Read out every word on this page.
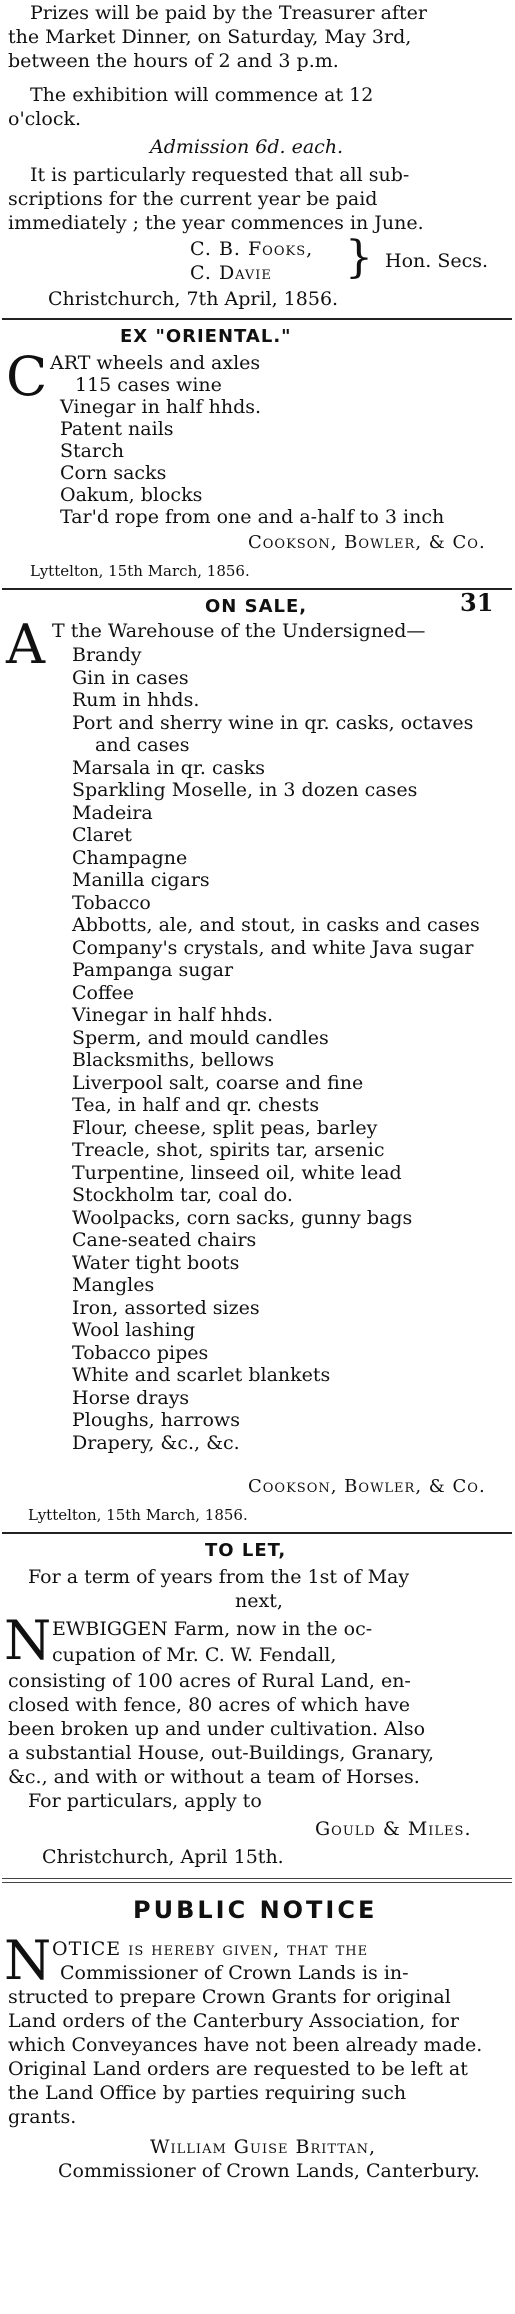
Prizes will be paid by the Treasurer after
the Market Dinner, on Saturday, May 3rd,
between the hours of 2 and 3 p.m.
The exhibition will commence at 12
o'clock.
Admission 6d. each.
It is particularly requested that all sub-
scriptions for the current year be paid
immediately ; the year commences in June.
C. B. Fooks,
C. Davie } Hon. Secs.
Christchurch, 7th April, 1856.
EX "ORIENTAL."
C ART wheels and axles
115 cases wine
Vinegar in half hhds.
Patent nails
Starch
Corn sacks
Oakum, blocks
Tar'd rope from one and a-half to 3 inch
Cookson, Bowler, & Co.
Lyttelton, 15th March, 1856.
ON SALE,	31
A T the Warehouse of the Undersigned—
Brandy
Gin in cases
Rum in hhds.
Port and sherry wine in qr. casks, octaves
and cases
Marsala in qr. casks
Sparkling Moselle, in 3 dozen cases
Madeira
Claret
Champagne
Manilla cigars
Tobacco
Abbotts, ale, and stout, in casks and cases
Company's crystals, and white Java sugar
Pampanga sugar
Coffee
Vinegar in half hhds.
Sperm, and mould candles
Blacksmiths, bellows
Liverpool salt, coarse and fine
Tea, in half and qr. chests
Flour, cheese, split peas, barley
Treacle, shot, spirits tar, arsenic
Turpentine, linseed oil, white lead
Stockholm tar, coal do.
Woolpacks, corn sacks, gunny bags
Cane-seated chairs
Water tight boots
Mangles
Iron, assorted sizes
Wool lashing
Tobacco pipes
White and scarlet blankets
Horse drays
Ploughs, harrows
Drapery, &c., &c.
Cookson, Bowler, & Co.
Lyttelton, 15th March, 1856.
TO LET,
For a term of years from the 1st of May
next,
N EWBIGGEN Farm, now in the oc-
cupation of Mr. C. W. Fendall,
consisting of 100 acres of Rural Land, en-
closed with fence, 80 acres of which have
been broken up and under cultivation. Also
a substantial House, out-Buildings, Granary,
&c., and with or without a team of Horses.
For particulars, apply to
Gould & Miles.
Christchurch, April 15th.
PUBLIC NOTICE
N OTICE is hereby given, that the
Commissioner of Crown Lands is in-
structed to prepare Crown Grants for original
Land orders of the Canterbury Association, for
which Conveyances have not been already made.
Original Land orders are requested to be left at
the Land Office by parties requiring such
grants.
William Guise Brittan,
Commissioner of Crown Lands, Canterbury.
